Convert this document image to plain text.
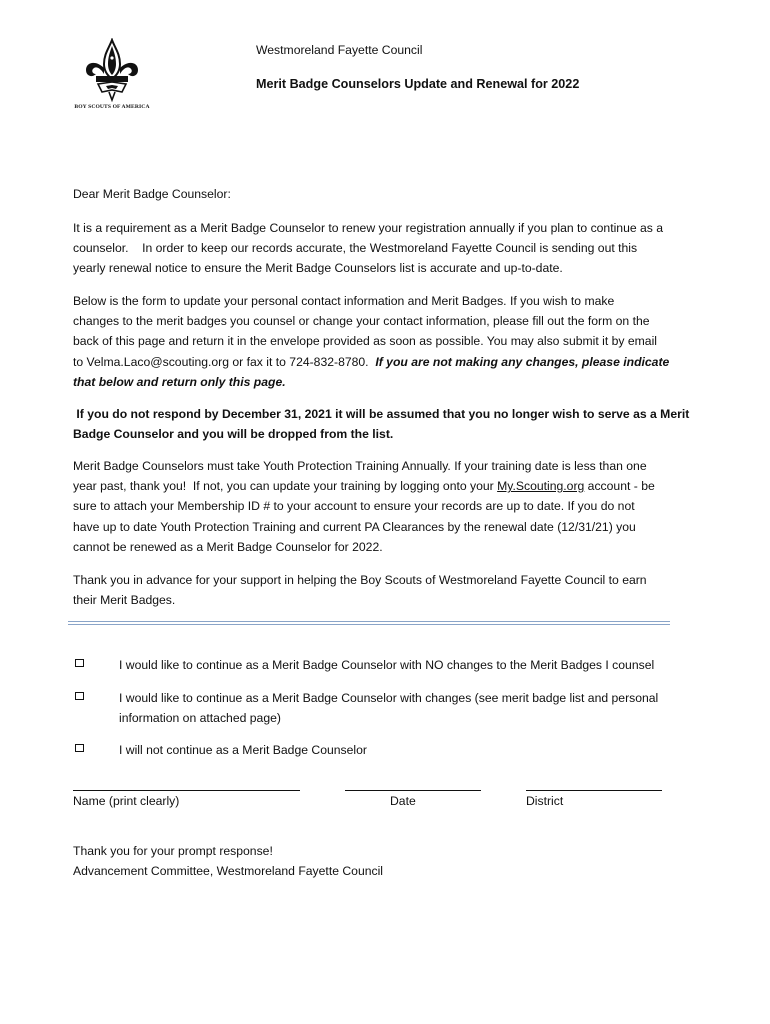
BOY SCOUTS OF AMERICA
Westmoreland Fayette Council
Merit Badge Counselors Update and Renewal for 2022
Dear Merit Badge Counselor:
It is a requirement as a Merit Badge Counselor to renew your registration annually if you plan to continue as a
counselor.    In order to keep our records accurate, the Westmoreland Fayette Council is sending out this
yearly renewal notice to ensure the Merit Badge Counselors list is accurate and up-to-date.
Below is the form to update your personal contact information and Merit Badges. If you wish to make
changes to the merit badges you counsel or change your contact information, please fill out the form on the
back of this page and return it in the envelope provided as soon as possible. You may also submit it by email
to Velma.Laco@scouting.org or fax it to 724-832-8780.  If you are not making any changes, please indicate
that below and return only this page.
If you do not respond by December 31, 2021 it will be assumed that you no longer wish to serve as a Merit
Badge Counselor and you will be dropped from the list.
Merit Badge Counselors must take Youth Protection Training Annually. If your training date is less than one
year past, thank you!  If not, you can update your training by logging onto your My.Scouting.org account - be
sure to attach your Membership ID # to your account to ensure your records are up to date. If you do not
have up to date Youth Protection Training and current PA Clearances by the renewal date (12/31/21) you
cannot be renewed as a Merit Badge Counselor for 2022.
Thank you in advance for your support in helping the Boy Scouts of Westmoreland Fayette Council to earn
their Merit Badges.
I would like to continue as a Merit Badge Counselor with NO changes to the Merit Badges I counsel
I would like to continue as a Merit Badge Counselor with changes (see merit badge list and personal information on attached page)
I will not continue as a Merit Badge Counselor
Name (print clearly)	Date	District
Thank you for your prompt response!
Advancement Committee, Westmoreland Fayette Council
